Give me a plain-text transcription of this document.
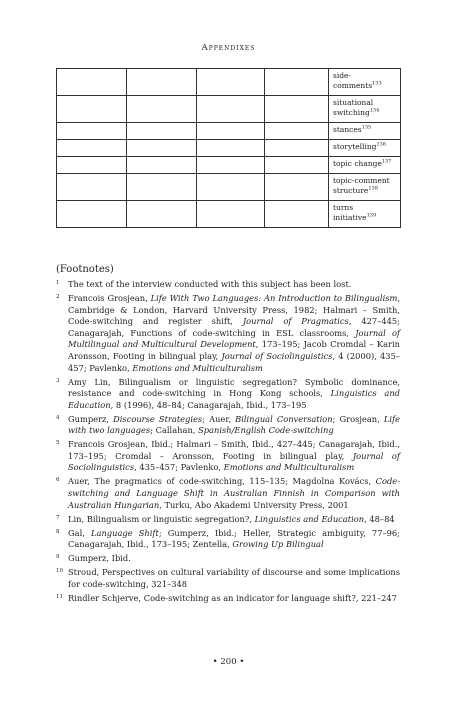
Appendixes
				side-comments$^{133}$
				situational switching$^{134}$
				stances$^{135}$
				storytelling$^{136}$
				topic change$^{137}$
				topic-comment structure$^{138}$
				turns initiative$^{139}$
(Footnotes)
1 The text of the interview conducted with this subject has been lost.
2 Francois Grosjean, Life With Two Languages: An Introduction to Bilingualism, Cambridge & London, Harvard University Press, 1982; Halmari – Smith, Code-switching and register shift, Journal of Pragmatics, 427–445; Canagarajah, Functions of code-switching in ESL classrooms, Journal of Multilingual and Multicultural Development, 173–195; Jacob Cromdal – Karin Aronsson, Footing in bilingual play, Journal of Sociolinguistics, 4 (2000), 435–457; Pavlenko, Emotions and Multiculturalism
3 Amy Lin, Bilingualism or linguistic segregation? Symbolic dominance, resistance and code-switching in Hong Kong schools, Linguistics and Education, 8 (1996), 48–84; Canagarajah, Ibid., 173–195
4 Gumperz, Discourse Strategies; Auer, Bilingual Conversation; Grosjean, Life with two languages; Callahan, Spanish/English Code-switching
5 Francois Grosjean, Ibid.; Halmari – Smith, Ibid., 427–445; Canagarajah, Ibid., 173–195; Cromdal – Aronsson, Footing in bilingual play, Journal of Sociolinguistics, 435–457; Pavlenko, Emotions and Multiculturalism
6 Auer, The pragmatics of code-switching, 115–135; Magdolna Kovács, Code-switching and Language Shift in Australian Finnish in Comparison with Australian Hungarian, Turku, Abo Akademi University Press, 2001
7 Lin, Bilingualism or linguistic segregation?, Linguistics and Education, 48–84
8 Gal, Language Shift; Gumperz, Ibid.; Heller, Strategic ambiguity, 77–96; Canagarajah, Ibid., 173–195; Zentella, Growing Up Bilingual
9 Gumperz, Ibid.
10 Stroud, Perspectives on cultural variability of discourse and some implications for code-switching, 321–348
11 Rindler Schjerve, Code-switching as an indicator for language shift?, 221–247
• 200 •
